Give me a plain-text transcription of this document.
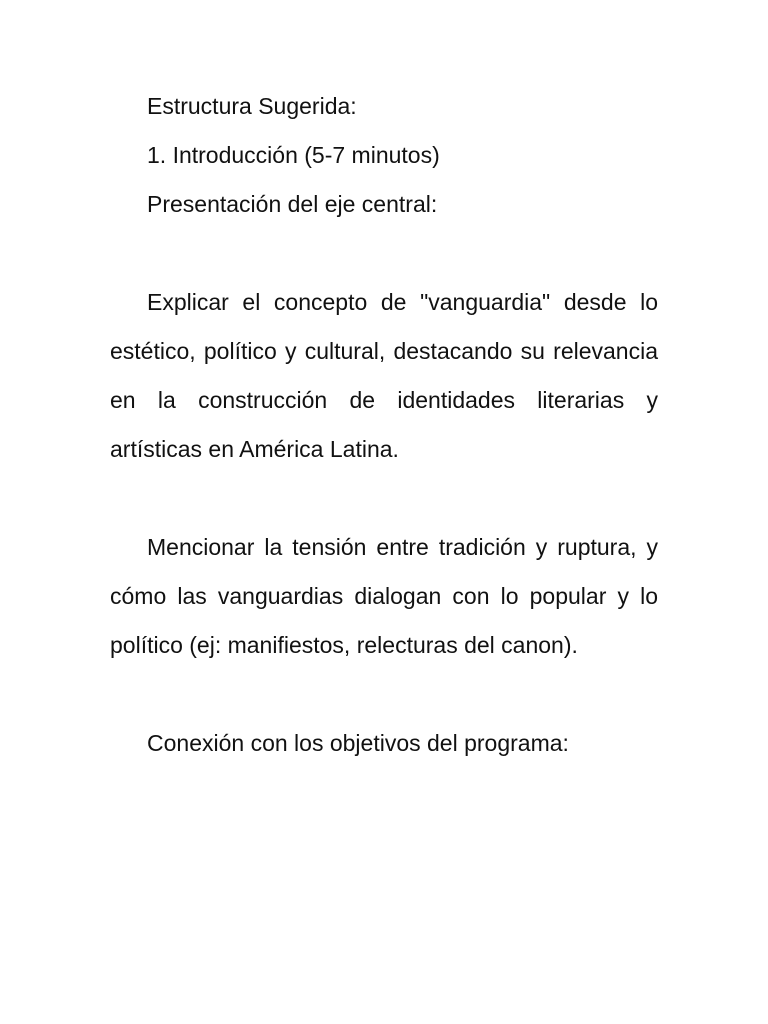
Estructura Sugerida:

1. Introducción (5-7 minutos)

Presentación del eje central:

Explicar el concepto de "vanguardia" desde lo estético, político y cultural, destacando su relevancia en la construcción de identidades literarias y artísticas en América Latina.

Mencionar la tensión entre tradición y ruptura, y cómo las vanguardias dialogan con lo popular y lo político (ej: manifiestos, relecturas del canon).

Conexión con los objetivos del programa:
